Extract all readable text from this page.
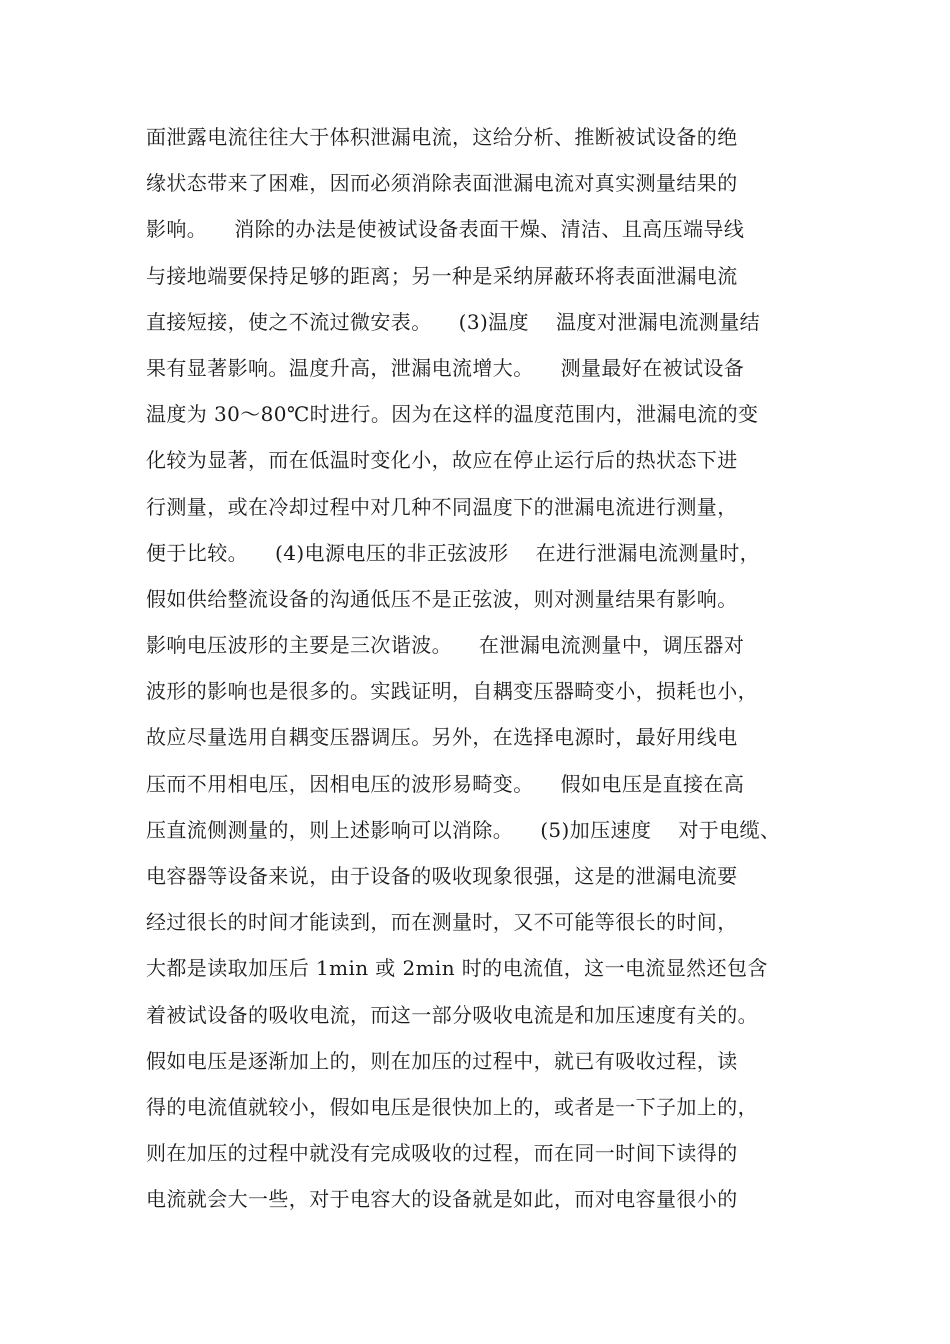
面泄露电流往往大于体积泄漏电流，这给分析、推断被试设备的绝
缘状态带来了困难，因而必须消除表面泄漏电流对真实测量结果的
影响。    消除的办法是使被试设备表面干燥、清洁、且高压端导线
与接地端要保持足够的距离；另一种是采纳屏蔽环将表面泄漏电流
直接短接，使之不流过微安表。    (3)温度    温度对泄漏电流测量结
果有显著影响。温度升高，泄漏电流增大。    测量最好在被试设备
温度为 30～80℃时进行。因为在这样的温度范围内，泄漏电流的变
化较为显著，而在低温时变化小，故应在停止运行后的热状态下进
行测量，或在冷却过程中对几种不同温度下的泄漏电流进行测量，
便于比较。    (4)电源电压的非正弦波形    在进行泄漏电流测量时，
假如供给整流设备的沟通低压不是正弦波，则对测量结果有影响。
影响电压波形的主要是三次谐波。    在泄漏电流测量中，调压器对
波形的影响也是很多的。实践证明，自耦变压器畸变小，损耗也小，
故应尽量选用自耦变压器调压。另外，在选择电源时，最好用线电
压而不用相电压，因相电压的波形易畸变。    假如电压是直接在高
压直流侧测量的，则上述影响可以消除。    (5)加压速度    对于电缆、
电容器等设备来说，由于设备的吸收现象很强，这是的泄漏电流要
经过很长的时间才能读到，而在测量时，又不可能等很长的时间，
大都是读取加压后 1min 或 2min 时的电流值，这一电流显然还包含
着被试设备的吸收电流，而这一部分吸收电流是和加压速度有关的。
假如电压是逐渐加上的，则在加压的过程中，就已有吸收过程，读
得的电流值就较小，假如电压是很快加上的，或者是一下子加上的，
则在加压的过程中就没有完成吸收的过程，而在同一时间下读得的
电流就会大一些，对于电容大的设备就是如此，而对电容量很小的
